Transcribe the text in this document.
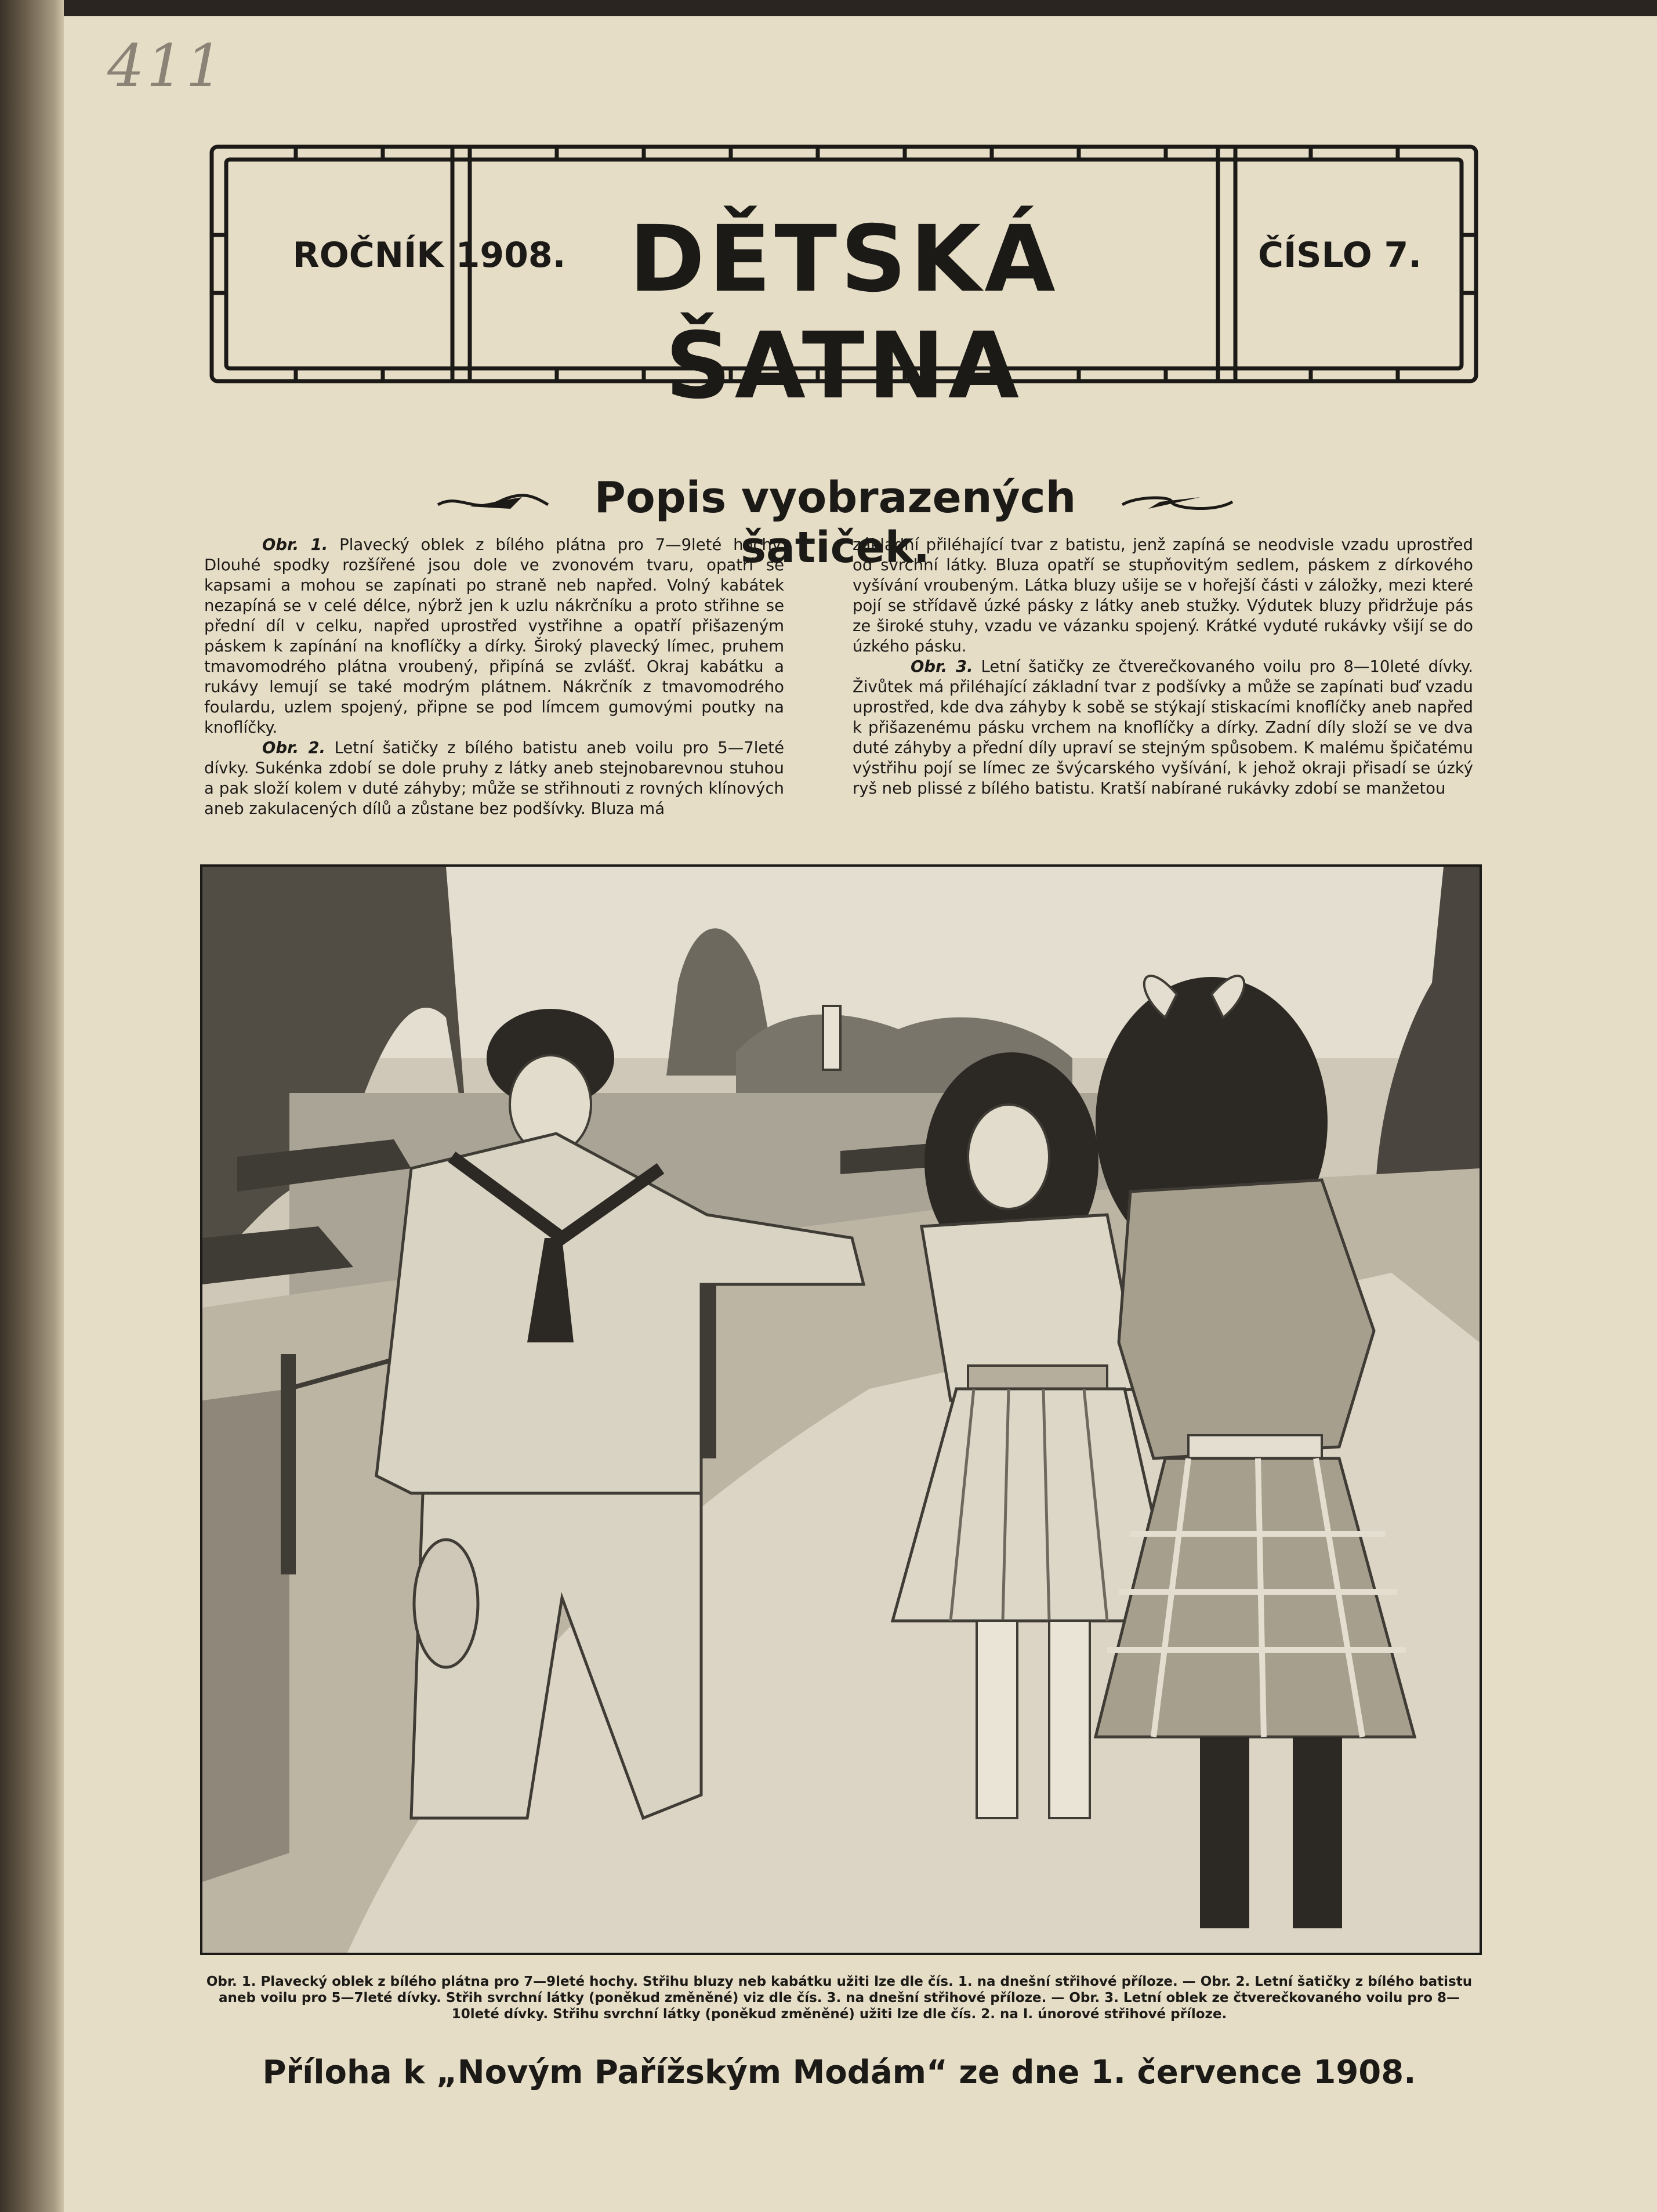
411
ROČNÍK 1908. DĚTSKÁ ŠATNA
ČÍSLO 7.
Popis vyobrazených šatiček.

Obr. 1. Plavecký oblek z bílého plátna pro 7—9leté hochy. Dlouhé spodky rozšířené jsou dole ve zvonovém tvaru, opatří se kapsami a mohou se zapínati po straně neb napřed. Volný kabátek nezapíná se v celé délce, nýbrž jen k uzlu nákrčníku a proto střihne se přední díl v celku, napřed uprostřed vystřihne a opatří přišazeným páskem k zapínání na knoflíčky a dírky. Široký plavecký límec, pruhem tmavomodrého plátna vroubený, připíná se zvlášť. Okraj kabátku a rukávy lemují se také modrým plátnem. Nákrčník z tmavomodrého foulardu, uzlem spojený, připne se pod límcem gumovými poutky na knoflíčky.

Obr. 2. Letní šatičky z bílého batistu aneb voilu pro 5—7leté dívky. Sukénka zdobí se dole pruhy z látky aneb stejnobarevnou stuhou a pak složí kolem v duté záhyby; může se střihnouti z rovných klínových aneb zakulacených dílů a zůstane bez podšívky. Bluza má

základní přiléhající tvar z batistu, jenž zapíná se neodvisle vzadu uprostřed od svrchní látky. Bluza opatří se stupňovitým sedlem, páskem z dírkového vyšívání vroubeným. Látka bluzy ušije se v hořejší části v záložky, mezi které pojí se střídavě úzké pásky z látky aneb stužky. Výdutek bluzy přidržuje pás ze široké stuhy, vzadu ve vázanku spojený. Krátké vyduté rukávky všijí se do úzkého pásku.

Obr. 3. Letní šatičky ze čtverečkovaného voilu pro 8—10leté dívky. Živůtek má přiléhající základní tvar z podšívky a může se zapínati buď vzadu uprostřed, kde dva záhyby k sobě se stýkají stiskacími knoflíčky aneb napřed k přišazenému pásku vrchem na knoflíčky a dírky. Zadní díly složí se ve dva duté záhyby a přední díly upraví se stejným spůsobem. K malému špičatému výstřihu pojí se límec ze švýcarského vyšívání, k jehož okraji přisadí se úzký ryš neb plissé z bílého batistu. Kratší nabírané rukávky zdobí se manžetou

Obr. 1. Plavecký oblek z bílého plátna pro 7—9leté hochy. Střihu bluzy neb kabátku užiti lze dle čís. 1. na dnešní střihové příloze. — Obr. 2. Letní šatičky z bílého batistu aneb voilu pro 5—7leté dívky. Střih svrchní látky (poněkud změněné) viz dle čís. 3. na dnešní střihové příloze. — Obr. 3. Letní oblek ze čtverečkovaného voilu pro 8—10leté dívky. Střihu svrchní látky (poněkud změněné) užiti lze dle čís. 2. na I. únorové střihové příloze.
Příloha k „Novým Pařížským Modám“ ze dne 1. července 1908.
